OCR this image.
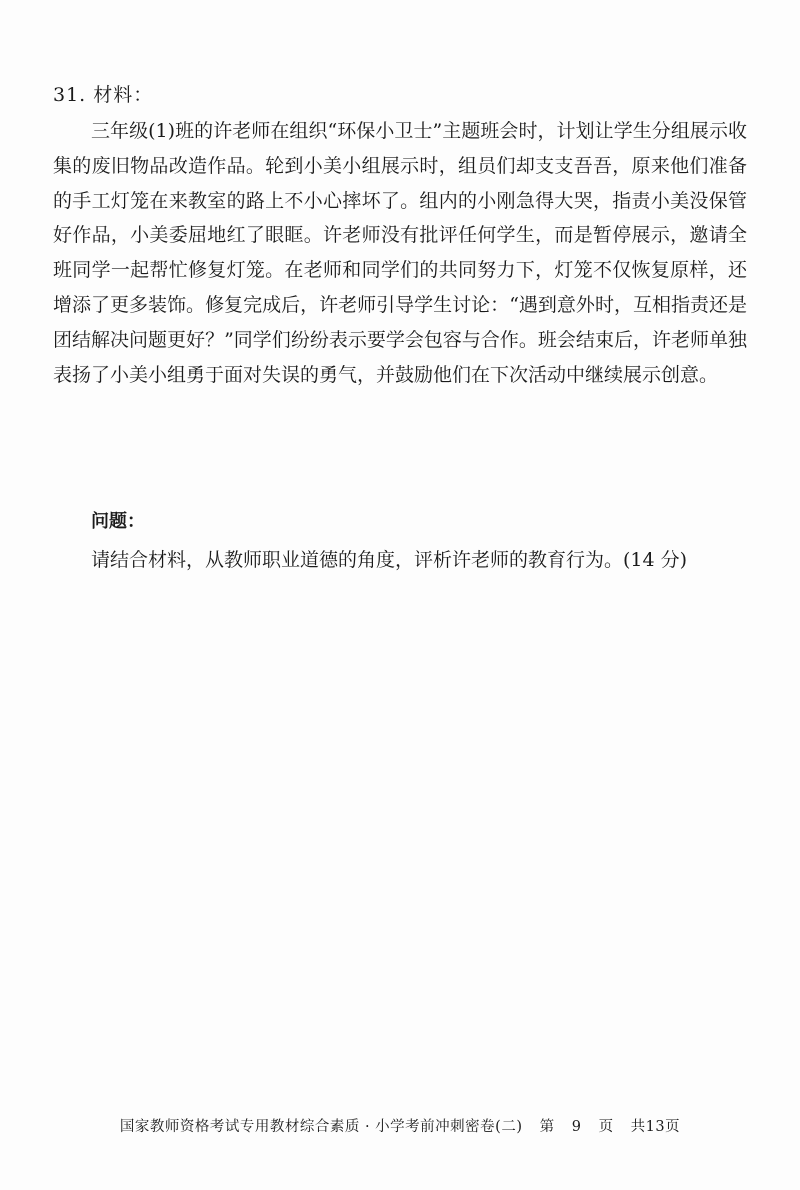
31. 材料：

三年级(1)班的许老师在组织“环保小卫士”主题班会时，计划让学生分组展示收集的废旧物品改造作品。轮到小美小组展示时，组员们却支支吾吾，原来他们准备的手工灯笼在来教室的路上不小心摔坏了。组内的小刚急得大哭，指责小美没保管好作品，小美委屈地红了眼眶。许老师没有批评任何学生，而是暂停展示，邀请全班同学一起帮忙修复灯笼。在老师和同学们的共同努力下，灯笼不仅恢复原样，还增添了更多装饰。修复完成后，许老师引导学生讨论：“遇到意外时，互相指责还是团结解决问题更好？”同学们纷纷表示要学会包容与合作。班会结束后，许老师单独表扬了小美小组勇于面对失误的勇气，并鼓励他们在下次活动中继续展示创意。

问题：
请结合材料，从教师职业道德的角度，评析许老师的教育行为。(14 分)
国家教师资格考试专用教材综合素质 · 小学考前冲刺密卷(二) 第 9 页 共13页
